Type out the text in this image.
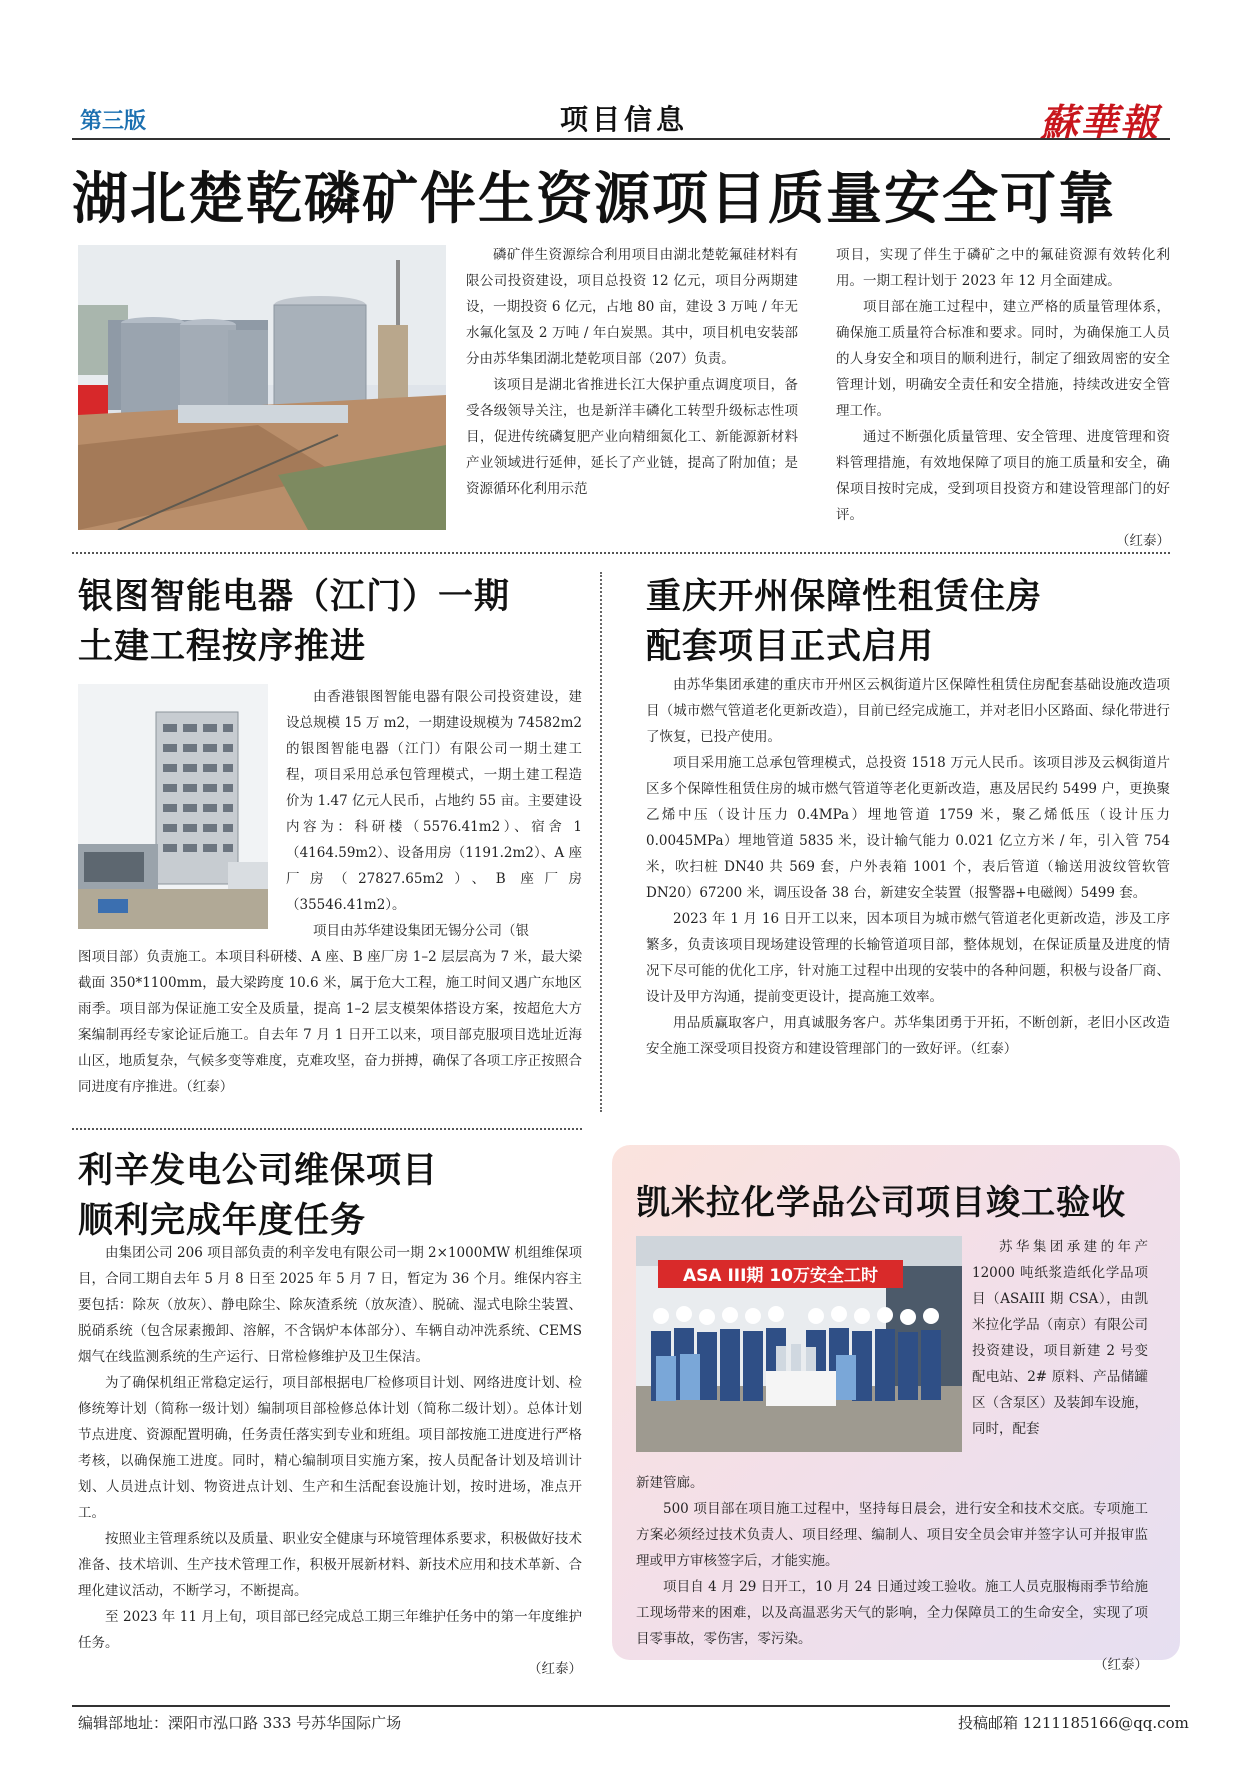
第三版	项目信息	蘇華報
湖北楚乾磷矿伴生资源项目质量安全可靠

磷矿伴生资源综合利用项目由湖北楚乾氟硅材料有限公司投资建设，项目总投资 12 亿元，项目分两期建设，一期投资 6 亿元，占地 80 亩，建设 3 万吨 / 年无水氟化氢及 2 万吨 / 年白炭黑。其中，项目机电安装部分由苏华集团湖北楚乾项目部（207）负责。

该项目是湖北省推进长江大保护重点调度项目，备受各级领导关注，也是新洋丰磷化工转型升级标志性项目，促进传统磷复肥产业向精细氮化工、新能源新材料产业领域进行延伸，延长了产业链，提高了附加值；是资源循环化利用示范

项目，实现了伴生于磷矿之中的氟硅资源有效转化利用。一期工程计划于 2023 年 12 月全面建成。

项目部在施工过程中，建立严格的质量管理体系，确保施工质量符合标准和要求。同时，为确保施工人员的人身安全和项目的顺利进行，制定了细致周密的安全管理计划，明确安全责任和安全措施，持续改进安全管理工作。

通过不断强化质量管理、安全管理、进度管理和资料管理措施，有效地保障了项目的施工质量和安全，确保项目按时完成，受到项目投资方和建设管理部门的好评。

（红泰）
银图智能电器（江门）一期
土建工程按序推进

由香港银图智能电器有限公司投资建设，建设总规模 15 万 m2，一期建设规模为 74582m2 的银图智能电器（江门）有限公司一期土建工程，项目采用总承包管理模式，一期土建工程造价为 1.47 亿元人民币，占地约 55 亩。主要建设内容为：科研楼（5576.41m2）、宿舍 1（4164.59m2）、设备用房（1191.2m2）、A 座厂房（27827.65m2）、B 座厂房（35546.41m2）。

项目由苏华建设集团无锡分公司（银

图项目部）负责施工。本项目科研楼、A 座、B 座厂房 1–2 层层高为 7 米，最大梁截面 350*1100mm，最大梁跨度 10.6 米，属于危大工程，施工时间又遇广东地区雨季。项目部为保证施工安全及质量，提高 1–2 层支模架体搭设方案，按超危大方案编制再经专家论证后施工。自去年 7 月 1 日开工以来，项目部克服项目选址近海山区，地质复杂，气候多变等难度，克难攻坚，奋力拼搏，确保了各项工序正按照合同进度有序推进。（红泰）

重庆开州保障性租赁住房
配套项目正式启用

由苏华集团承建的重庆市开州区云枫街道片区保障性租赁住房配套基础设施改造项目（城市燃气管道老化更新改造），目前已经完成施工，并对老旧小区路面、绿化带进行了恢复，已投产使用。

项目采用施工总承包管理模式，总投资 1518 万元人民币。该项目涉及云枫街道片区多个保障性租赁住房的城市燃气管道等老化更新改造，惠及居民约 5499 户，更换聚乙烯中压（设计压力 0.4MPa）埋地管道 1759 米，聚乙烯低压（设计压力 0.0045MPa）埋地管道 5835 米，设计输气能力 0.021 亿立方米 / 年，引入管 754 米，吹扫桩 DN40 共 569 套，户外表箱 1001 个，表后管道（输送用波纹管软管 DN20）67200 米，调压设备 38 台，新建安全装置（报警器+电磁阀）5499 套。

2023 年 1 月 16 日开工以来，因本项目为城市燃气管道老化更新改造，涉及工序繁多，负责该项目现场建设管理的长输管道项目部，整体规划，在保证质量及进度的情况下尽可能的优化工序，针对施工过程中出现的安装中的各种问题，积极与设备厂商、设计及甲方沟通，提前变更设计，提高施工效率。

用品质赢取客户，用真诚服务客户。苏华集团勇于开拓，不断创新，老旧小区改造安全施工深受项目投资方和建设管理部门的一致好评。（红泰）

利辛发电公司维保项目
顺利完成年度任务

由集团公司 206 项目部负责的利辛发电有限公司一期 2×1000MW 机组维保项目，合同工期自去年 5 月 8 日至 2025 年 5 月 7 日，暂定为 36 个月。维保内容主要包括：除灰（放灰）、静电除尘、除灰渣系统（放灰渣）、脱硫、湿式电除尘装置、脱硝系统（包含尿素搬卸、溶解，不含锅炉本体部分）、车辆自动冲洗系统、CEMS 烟气在线监测系统的生产运行、日常检修维护及卫生保洁。

为了确保机组正常稳定运行，项目部根据电厂检修项目计划、网络进度计划、检修统筹计划（简称一级计划）编制项目部检修总体计划（简称二级计划）。总体计划节点进度、资源配置明确，任务责任落实到专业和班组。项目部按施工进度进行严格考核，以确保施工进度。同时，精心编制项目实施方案，按人员配备计划及培训计划、人员进点计划、物资进点计划、生产和生活配套设施计划，按时进场，准点开工。

按照业主管理系统以及质量、职业安全健康与环境管理体系要求，积极做好技术准备、技术培训、生产技术管理工作，积极开展新材料、新技术应用和技术革新、合理化建议活动，不断学习，不断提高。

至 2023 年 11 月上旬，项目部已经完成总工期三年维护任务中的第一年度维护任务。

（红泰）
凯米拉化学品公司项目竣工验收
ASA III期 10万安全工时

苏华集团承建的年产 12000 吨纸浆造纸化学品项目（ASAIII 期 CSA），由凯米拉化学品（南京）有限公司投资建设，项目新建 2 号变配电站、2# 原料、产品储罐区（含泵区）及装卸车设施，同时，配套

新建管廊。

500 项目部在项目施工过程中，坚持每日晨会，进行安全和技术交底。专项施工方案必须经过技术负责人、项目经理、编制人、项目安全员会审并签字认可并报审监理或甲方审核签字后，才能实施。

项目自 4 月 29 日开工，10 月 24 日通过竣工验收。施工人员克服梅雨季节给施工现场带来的困难，以及高温恶劣天气的影响，全力保障员工的生命安全，实现了项目零事故，零伤害，零污染。

（红泰）
编辑部地址：溧阳市泓口路 333 号苏华国际广场	投稿邮箱 1211185166@qq.com
